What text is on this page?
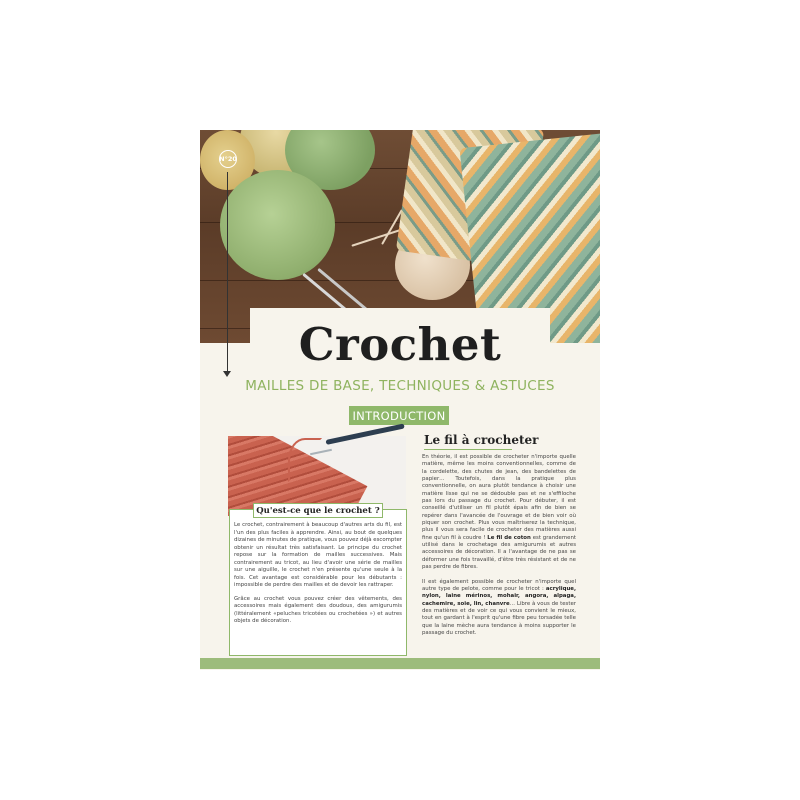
N°20
L'ESSENTIELdu
Crochet
MAILLES DE BASE, TECHNIQUES & ASTUCES
INTRODUCTION
Qu'est-ce que le crochet ?

Le crochet, contrairement à beaucoup d'autres arts du fil, est l'un des plus faciles à apprendre. Ainsi, au bout de quelques dizaines de minutes de pratique, vous pouvez déjà escompter obtenir un résultat très satisfaisant. Le principe du crochet repose sur la formation de mailles successives. Mais contrairement au tricot, au lieu d'avoir une série de mailles sur une aiguille, le crochet n'en présente qu'une seule à la fois. Cet avantage est considérable pour les débutants : impossible de perdre des mailles et de devoir les rattraper.

Grâce au crochet vous pouvez créer des vêtements, des accessoires mais également des doudous, des amigurumis (littéralement «peluches tricotées ou crochetées ») et autres objets de décoration.

Le fil à crocheter

En théorie, il est possible de crocheter n'importe quelle matière, même les moins conventionnelles, comme de la cordelette, des chutes de jean, des bandelettes de papier… Toutefois, dans la pratique plus conventionnelle, on aura plutôt tendance à choisir une matière lisse qui ne se dédouble pas et ne s'effiloche pas lors du passage du crochet. Pour débuter, il est conseillé d'utiliser un fil plutôt épais afin de bien se repérer dans l'avancée de l'ouvrage et de bien voir où piquer son crochet. Plus vous maîtriserez la technique, plus il vous sera facile de crocheter des matières aussi fine qu'un fil à coudre ! Le fil de coton est grandement utilisé dans le crochetage des amigurumis et autres accessoires de décoration. Il a l'avantage de ne pas se déformer une fois travaillé, d'être très résistant et de ne pas perdre de fibres.

Il est également possible de crocheter n'importe quel autre type de pelote, comme pour le tricot : acrylique, nylon, laine mérinos, mohair, angora, alpaga, cachemire, soie, lin, chanvre… Libre à vous de tester des matières et de voir ce qui vous convient le mieux, tout en gardant à l'esprit qu'une fibre peu torsadée telle que la laine mèche aura tendance à moins supporter le passage du crochet.
